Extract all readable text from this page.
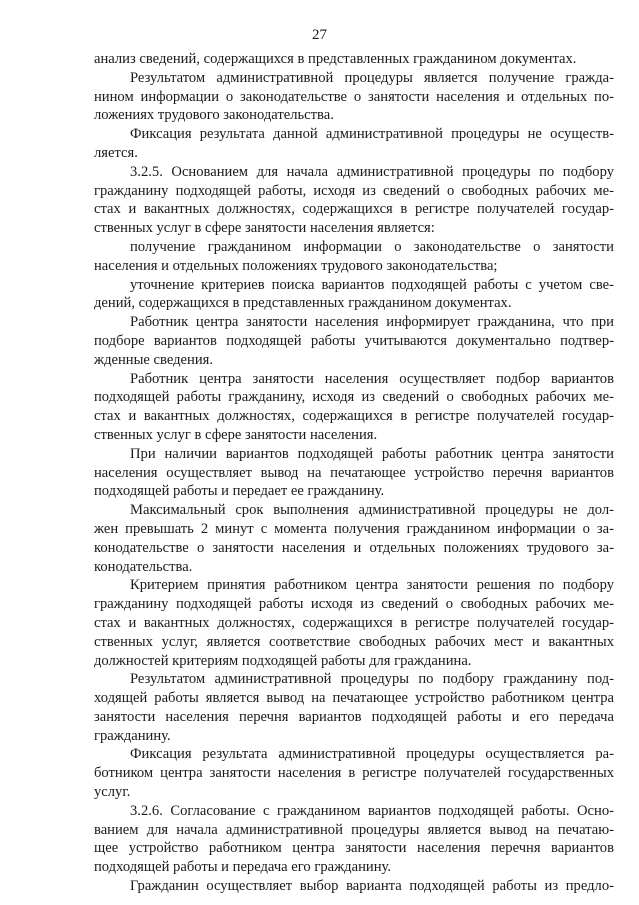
27
анализ сведений, содержащихся в представленных гражданином документах.
Результатом административной процедуры является получение гражда-
нином информации о законодательстве о занятости населения и отдельных по-
ложениях трудового законодательства.
Фиксация результата данной административной процедуры не осуществ-
ляется.
3.2.5. Основанием для начала административной процедуры по подбору
гражданину подходящей работы, исходя из сведений о свободных рабочих ме-
стах и вакантных должностях, содержащихся в регистре получателей государ-
ственных услуг в сфере занятости населения является:
получение гражданином информации о законодательстве о занятости
населения и отдельных положениях трудового законодательства;
уточнение критериев поиска вариантов подходящей работы с учетом све-
дений, содержащихся в представленных гражданином документах.
Работник центра занятости населения информирует гражданина, что при
подборе вариантов подходящей работы учитываются документально подтвер-
жденные сведения.
Работник центра занятости населения осуществляет подбор вариантов
подходящей работы гражданину, исходя из сведений о свободных рабочих ме-
стах и вакантных должностях, содержащихся в регистре получателей государ-
ственных услуг в сфере занятости населения.
При наличии вариантов подходящей работы работник центра занятости
населения осуществляет вывод на печатающее устройство перечня вариантов
подходящей работы и передает ее гражданину.
Максимальный срок выполнения административной процедуры не дол-
жен превышать 2 минут с момента получения гражданином информации о за-
конодательстве о занятости населения и отдельных положениях трудового за-
конодательства.
Критерием принятия работником центра занятости решения по подбору
гражданину подходящей работы исходя из сведений о свободных рабочих ме-
стах и вакантных должностях, содержащихся в регистре получателей государ-
ственных услуг, является соответствие свободных рабочих мест и вакантных
должностей критериям подходящей работы для гражданина.
Результатом административной процедуры по подбору гражданину под-
ходящей работы является вывод на печатающее устройство работником центра
занятости населения перечня вариантов подходящей работы и его передача
гражданину.
Фиксация результата административной процедуры осуществляется ра-
ботником центра занятости населения в регистре получателей государственных
услуг.
3.2.6. Согласование с гражданином вариантов подходящей работы. Осно-
ванием для начала административной процедуры является вывод на печатаю-
щее устройство работником центра занятости населения перечня вариантов
подходящей работы и передача его гражданину.
Гражданин осуществляет выбор варианта подходящей работы из предло-
